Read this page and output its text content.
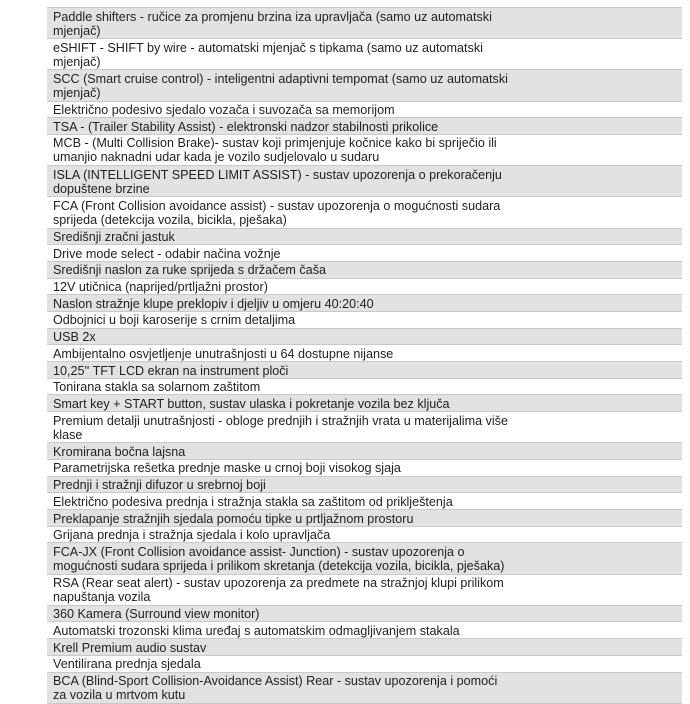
Paddle shifters - ručice za promjenu brzina iza upravljača (samo uz automatski
mjenjač)
eSHIFT - SHIFT by wire - automatski mjenjač s tipkama (samo uz automatski
mjenjač)
SCC (Smart cruise control) - inteligentni adaptivni tempomat (samo uz automatski
mjenjač)
Električno podesivo sjedalo vozača i suvozača sa memorijom
TSA - (Trailer Stability Assist) - elektronski nadzor stabilnosti prikolice
MCB - (Multi Collision Brake)- sustav koji primjenjuje kočnice kako bi spriječio ili
umanjio naknadni udar kada je vozilo sudjelovalo u sudaru
ISLA (INTELLIGENT SPEED LIMIT ASSIST) - sustav upozorenja o prekoračenju
dopuštene brzine
FCA (Front Collision avoidance assist) - sustav upozorenja o mogućnosti sudara
sprijeda (detekcija vozila, bicikla, pješaka)
Središnji zračni jastuk
Drive mode select - odabir načina vožnje
Središnji naslon za ruke sprijeda s držačem čaša
12V utičnica (naprijed/prtljažni prostor)
Naslon stražnje klupe preklopiv i djeljiv u omjeru 40:20:40
Odbojnici u boji karoserije s crnim detaljima
USB 2x
Ambijentalno osvjetljenje unutrašnjosti u 64 dostupne nijanse
10,25'' TFT LCD ekran na instrument ploči
Tonirana stakla sa solarnom zaštitom
Smart key + START button, sustav ulaska i pokretanje vozila bez ključa
Premium detalji unutrašnjosti - obloge prednjih i stražnjih vrata u materijalima više
klase
Kromirana bočna lajsna
Parametrijska rešetka prednje maske u crnoj boji visokog sjaja
Prednji i stražnji difuzor u srebrnoj boji
Električno podesiva prednja i stražnja stakla sa zaštitom od priklještenja
Preklapanje stražnjih sjedala pomoću tipke u prtljažnom prostoru
Grijana prednja i stražnja sjedala i kolo upravljača
FCA-JX (Front Collision avoidance assist- Junction) - sustav upozorenja o
mogućnosti sudara sprijeda i prilikom skretanja (detekcija vozila, bicikla, pješaka)
RSA (Rear seat alert) - sustav upozorenja za predmete na stražnjoj klupi prilikom
napuštanja vozila
360 Kamera (Surround view monitor)
Automatski trozonski klima uređaj s automatskim odmagljivanjem stakala
Krell Premium audio sustav
Ventilirana prednja sjedala
BCA (Blind-Sport Collision-Avoidance Assist) Rear - sustav upozorenja i pomoći
za vozila u mrtvom kutu
